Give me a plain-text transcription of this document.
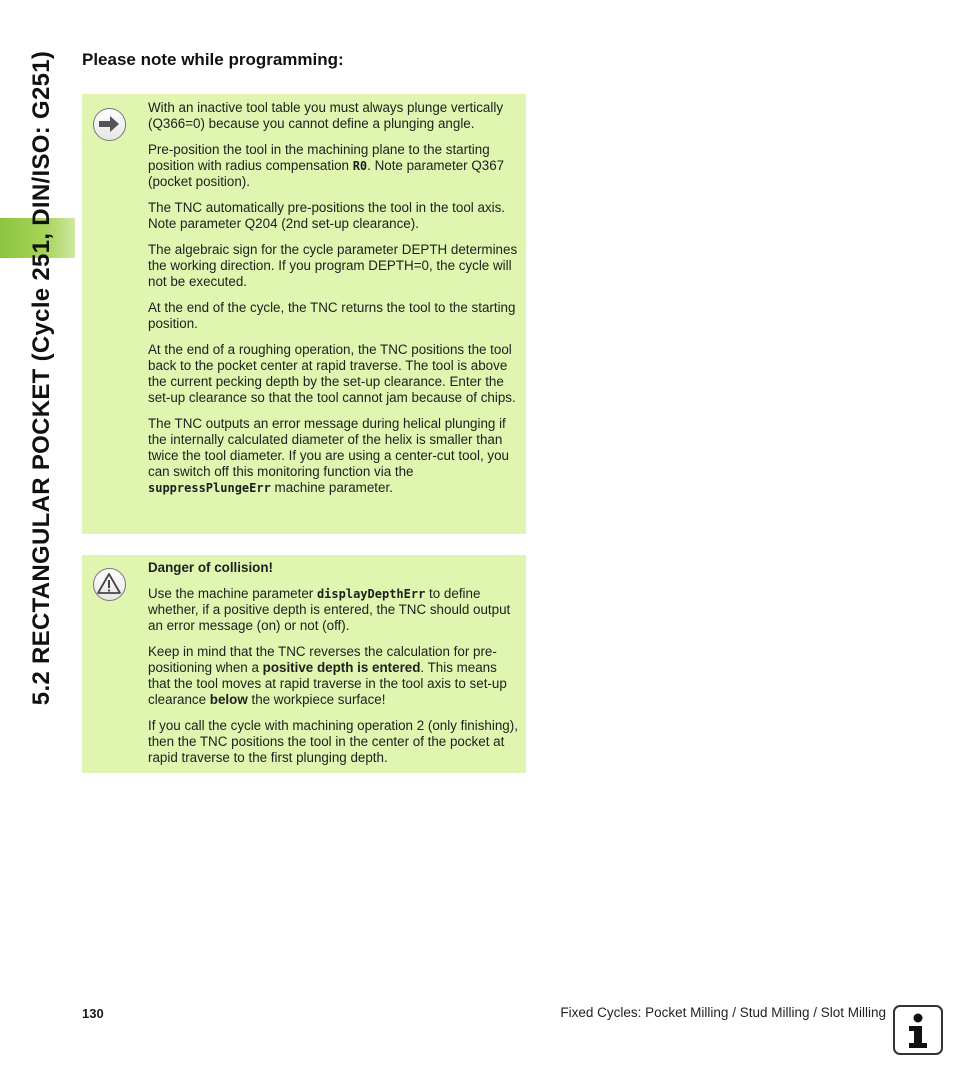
5.2 RECTANGULAR POCKET (Cycle 251, DIN/ISO: G251) Please note while programming:

With an inactive tool table you must always plunge vertically (Q366=0) because you cannot define a plunging angle.

Pre-position the tool in the machining plane to the starting position with radius compensation R0. Note parameter Q367 (pocket position).

The TNC automatically pre-positions the tool in the tool axis. Note parameter Q204 (2nd set-up clearance).

The algebraic sign for the cycle parameter DEPTH determines the working direction. If you program DEPTH=0, the cycle will not be executed.

At the end of the cycle, the TNC returns the tool to the starting position.

At the end of a roughing operation, the TNC positions the tool back to the pocket center at rapid traverse. The tool is above the current pecking depth by the set-up clearance. Enter the set-up clearance so that the tool cannot jam because of chips.

The TNC outputs an error message during helical plunging if the internally calculated diameter of the helix is smaller than twice the tool diameter. If you are using a center-cut tool, you can switch off this monitoring function via the suppressPlungeErr machine parameter.

Danger of collision!

Use the machine parameter displayDepthErr to define whether, if a positive depth is entered, the TNC should output an error message (on) or not (off).

Keep in mind that the TNC reverses the calculation for pre-positioning when a positive depth is entered. This means that the tool moves at rapid traverse in the tool axis to set-up clearance below the workpiece surface!

If you call the cycle with machining operation 2 (only finishing), then the TNC positions the tool in the center of the pocket at rapid traverse to the first plunging depth.

130	Fixed Cycles: Pocket Milling / Stud Milling / Slot Milling
